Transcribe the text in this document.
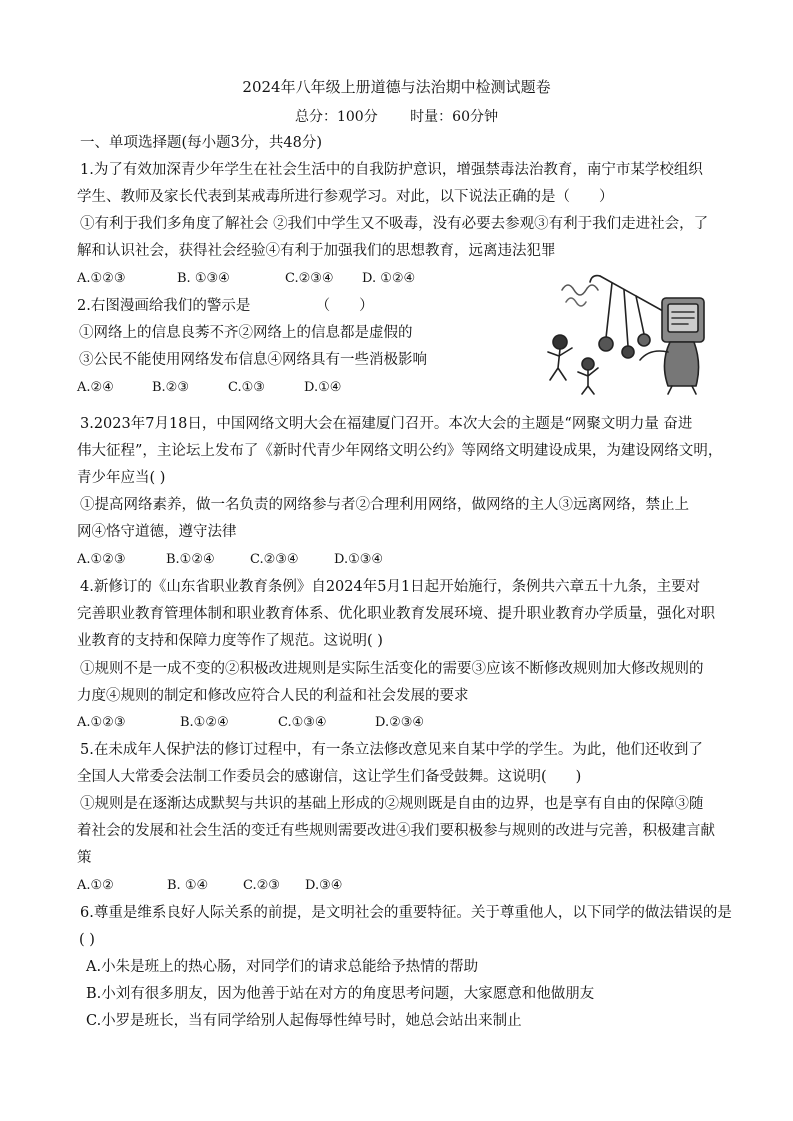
2024年八年级上册道德与法治期中检测试题卷
总分：100分 时量：60分钟
一、单项选择题(每小题3分，共48分)
1.为了有效加深青少年学生在社会生活中的自我防护意识，增强禁毒法治教育，南宁市某学校组织
学生、教师及家长代表到某戒毒所进行参观学习。对此，以下说法正确的是（　　）
①有利于我们多角度了解社会 ②我们中学生又不吸毒，没有必要去参观③有利于我们走进社会，了
解和认识社会，获得社会经验④有利于加强我们的思想教育，远离违法犯罪
A.①②③	B. ①③④	C.②③④ D. ①②④
2.右图漫画给我们的警示是　　　　　（　　）
①网络上的信息良莠不齐②网络上的信息都是虚假的
③公民不能使用网络发布信息④网络具有一些消极影响
A.②④	B.②③	C.①③	D.①④
3.2023年7月18日，中国网络文明大会在福建厦门召开。本次大会的主题是“网聚文明力量 奋进
伟大征程”，主论坛上发布了《新时代青少年网络文明公约》等网络文明建设成果，为建设网络文明，
青少年应当( )
①提高网络素养，做一名负责的网络参与者②合理利用网络，做网络的主人③远离网络，禁止上
网④恪守道德，遵守法律
A.①②③	B.①②④	C.②③④	D.①③④
4.新修订的《山东省职业教育条例》自2024年5月1日起开始施行，条例共六章五十九条，主要对
完善职业教育管理体制和职业教育体系、优化职业教育发展环境、提升职业教育办学质量，强化对职
业教育的支持和保障力度等作了规范。这说明( )
①规则不是一成不变的②积极改进规则是实际生活变化的需要③应该不断修改规则加大修改规则的
力度④规则的制定和修改应符合人民的利益和社会发展的要求
A.①②③	B.①②④	C.①③④	D.②③④
5.在未成年人保护法的修订过程中，有一条立法修改意见来自某中学的学生。为此，他们还收到了
全国人大常委会法制工作委员会的感谢信，这让学生们备受鼓舞。这说明(　　)
①规则是在逐渐达成默契与共识的基础上形成的②规则既是自由的边界，也是享有自由的保障③随
着社会的发展和社会生活的变迁有些规则需要改进④我们要积极参与规则的改进与完善，积极建言献
策
A.①②	B. ①④	C.②③ D.③④
6.尊重是维系良好人际关系的前提，是文明社会的重要特征。关于尊重他人，以下同学的做法错误的是
( )
A.小朱是班上的热心肠，对同学们的请求总能给予热情的帮助
B.小刘有很多朋友，因为他善于站在对方的角度思考问题，大家愿意和他做朋友
C.小罗是班长，当有同学给别人起侮辱性绰号时，她总会站出来制止
